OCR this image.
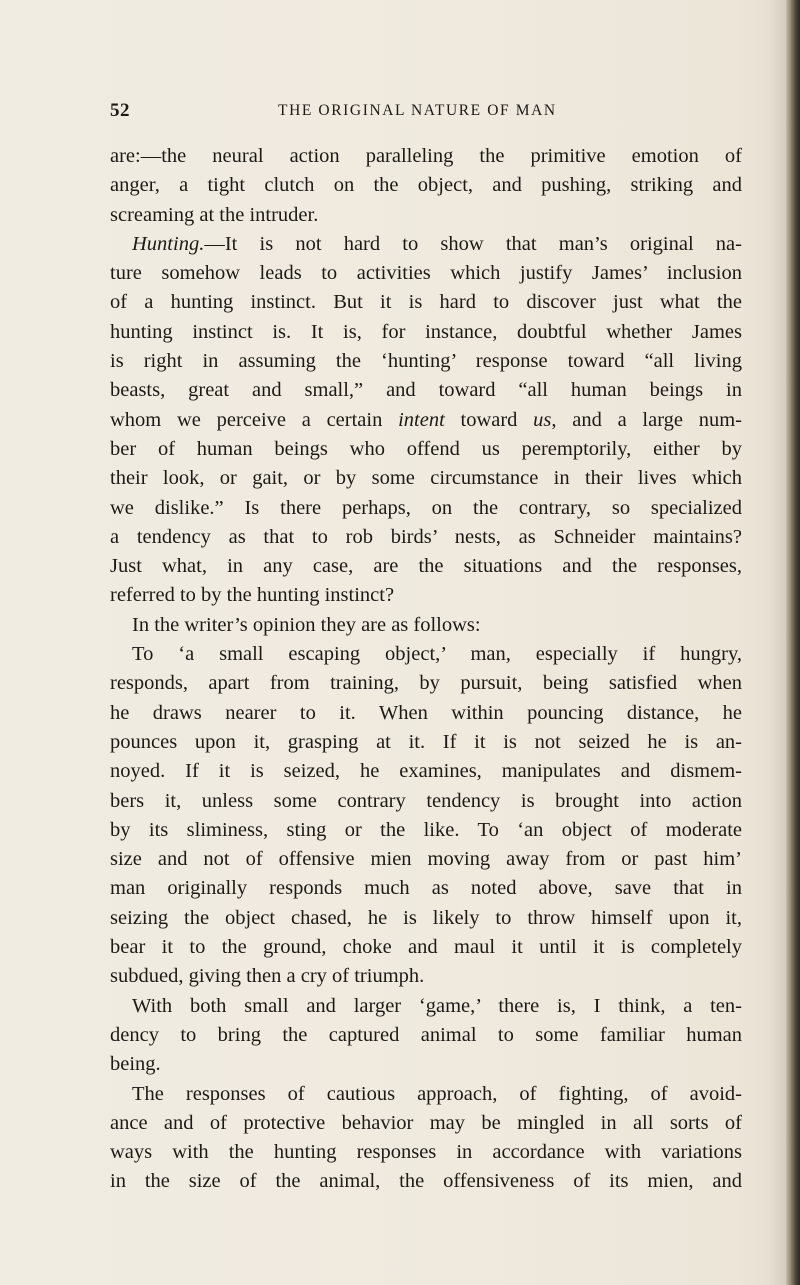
52	THE ORIGINAL NATURE OF MAN
are:—the neural action paralleling the primitive emotion of
anger, a tight clutch on the object, and pushing, striking and
screaming at the intruder.
Hunting.—It is not hard to show that man’s original na-
ture somehow leads to activities which justify James’ inclusion
of a hunting instinct. But it is hard to discover just what the
hunting instinct is. It is, for instance, doubtful whether James
is right in assuming the ‘hunting’ response toward “all living
beasts, great and small,” and toward “all human beings in
whom we perceive a certain intent toward us, and a large num-
ber of human beings who offend us peremptorily, either by
their look, or gait, or by some circumstance in their lives which
we dislike.” Is there perhaps, on the contrary, so specialized
a tendency as that to rob birds’ nests, as Schneider maintains?
Just what, in any case, are the situations and the responses,
referred to by the hunting instinct?
In the writer’s opinion they are as follows:
To ‘a small escaping object,’ man, especially if hungry,
responds, apart from training, by pursuit, being satisfied when
he draws nearer to it. When within pouncing distance, he
pounces upon it, grasping at it. If it is not seized he is an-
noyed. If it is seized, he examines, manipulates and dismem-
bers it, unless some contrary tendency is brought into action
by its sliminess, sting or the like. To ‘an object of moderate
size and not of offensive mien moving away from or past him’
man originally responds much as noted above, save that in
seizing the object chased, he is likely to throw himself upon it,
bear it to the ground, choke and maul it until it is completely
subdued, giving then a cry of triumph.
With both small and larger ‘game,’ there is, I think, a ten-
dency to bring the captured animal to some familiar human
being.
The responses of cautious approach, of fighting, of avoid-
ance and of protective behavior may be mingled in all sorts of
ways with the hunting responses in accordance with variations
in the size of the animal, the offensiveness of its mien, and
